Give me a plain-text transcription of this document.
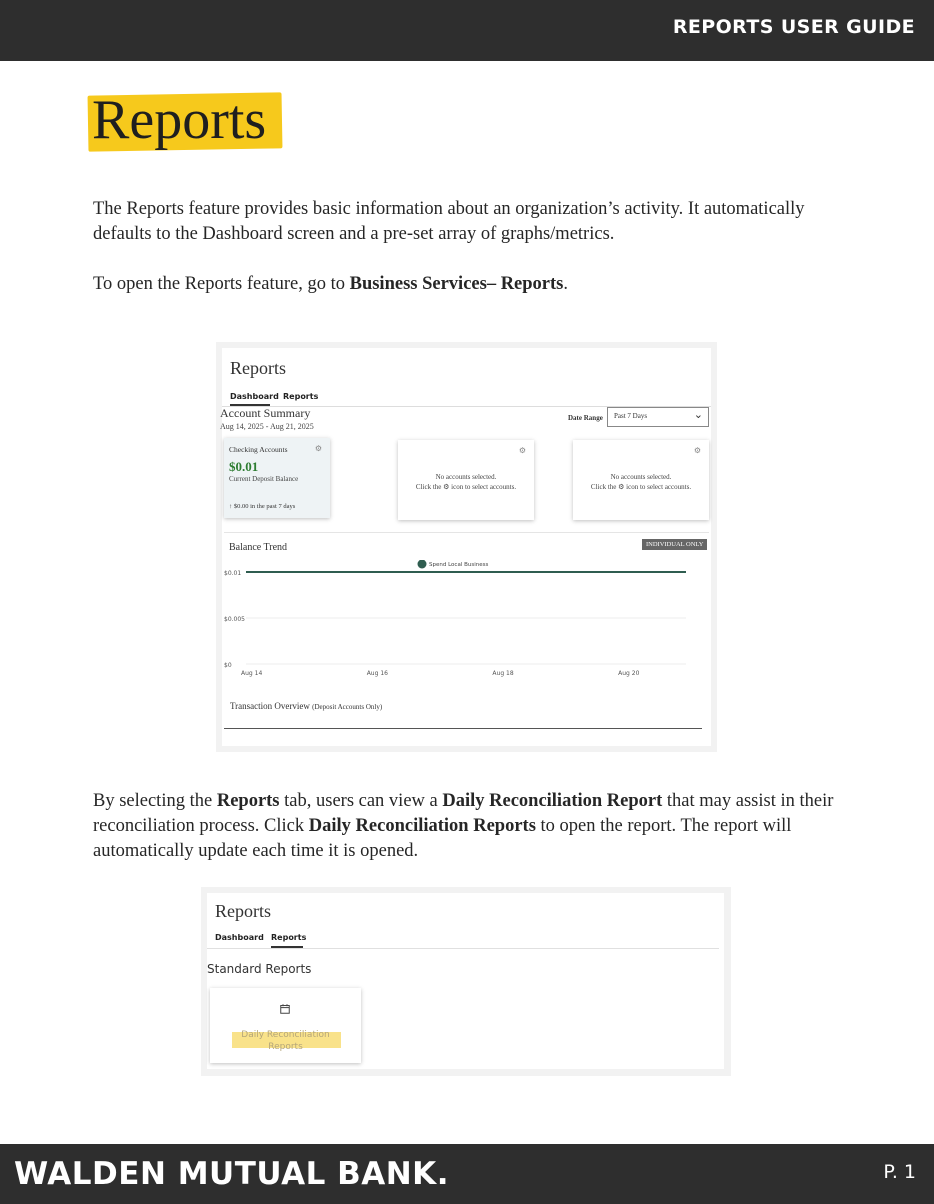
REPORTS USER GUIDE
Reports

The Reports feature provides basic information about an organization’s activity. It automatically defaults to the Dashboard screen and a pre-set array of graphs/metrics.

To open the Reports feature, go to Business Services– Reports.

Reports
Dashboard Reports
Account Summary
Aug 14, 2025 - Aug 21, 2025
Date Range Past 7 Days	⌄
⚙
Checking Accounts
$0.01
Current Deposit Balance
↑ $0.00 in the past 7 days
⚙
No accounts selected.
Click the ⚙ icon to select accounts.
⚙
No accounts selected.
Click the ⚙ icon to select accounts.
Balance Trend	INDIVIDUAL ONLY
$0
$0.005
$0.01
Aug 14	Aug 16	Aug 18	Aug 20
Spend Local Business
Transaction Overview (Deposit Accounts Only)

By selecting the Reports tab, users can view a Daily Reconciliation Report that may assist in their reconciliation process. Click Daily Reconciliation Reports to open the report. The report will automatically update each time it is opened.

Reports
Dashboard Reports
Standard Reports
Daily Reconciliation
Reports
WALDEN MUTUAL BANK.	P. 1
